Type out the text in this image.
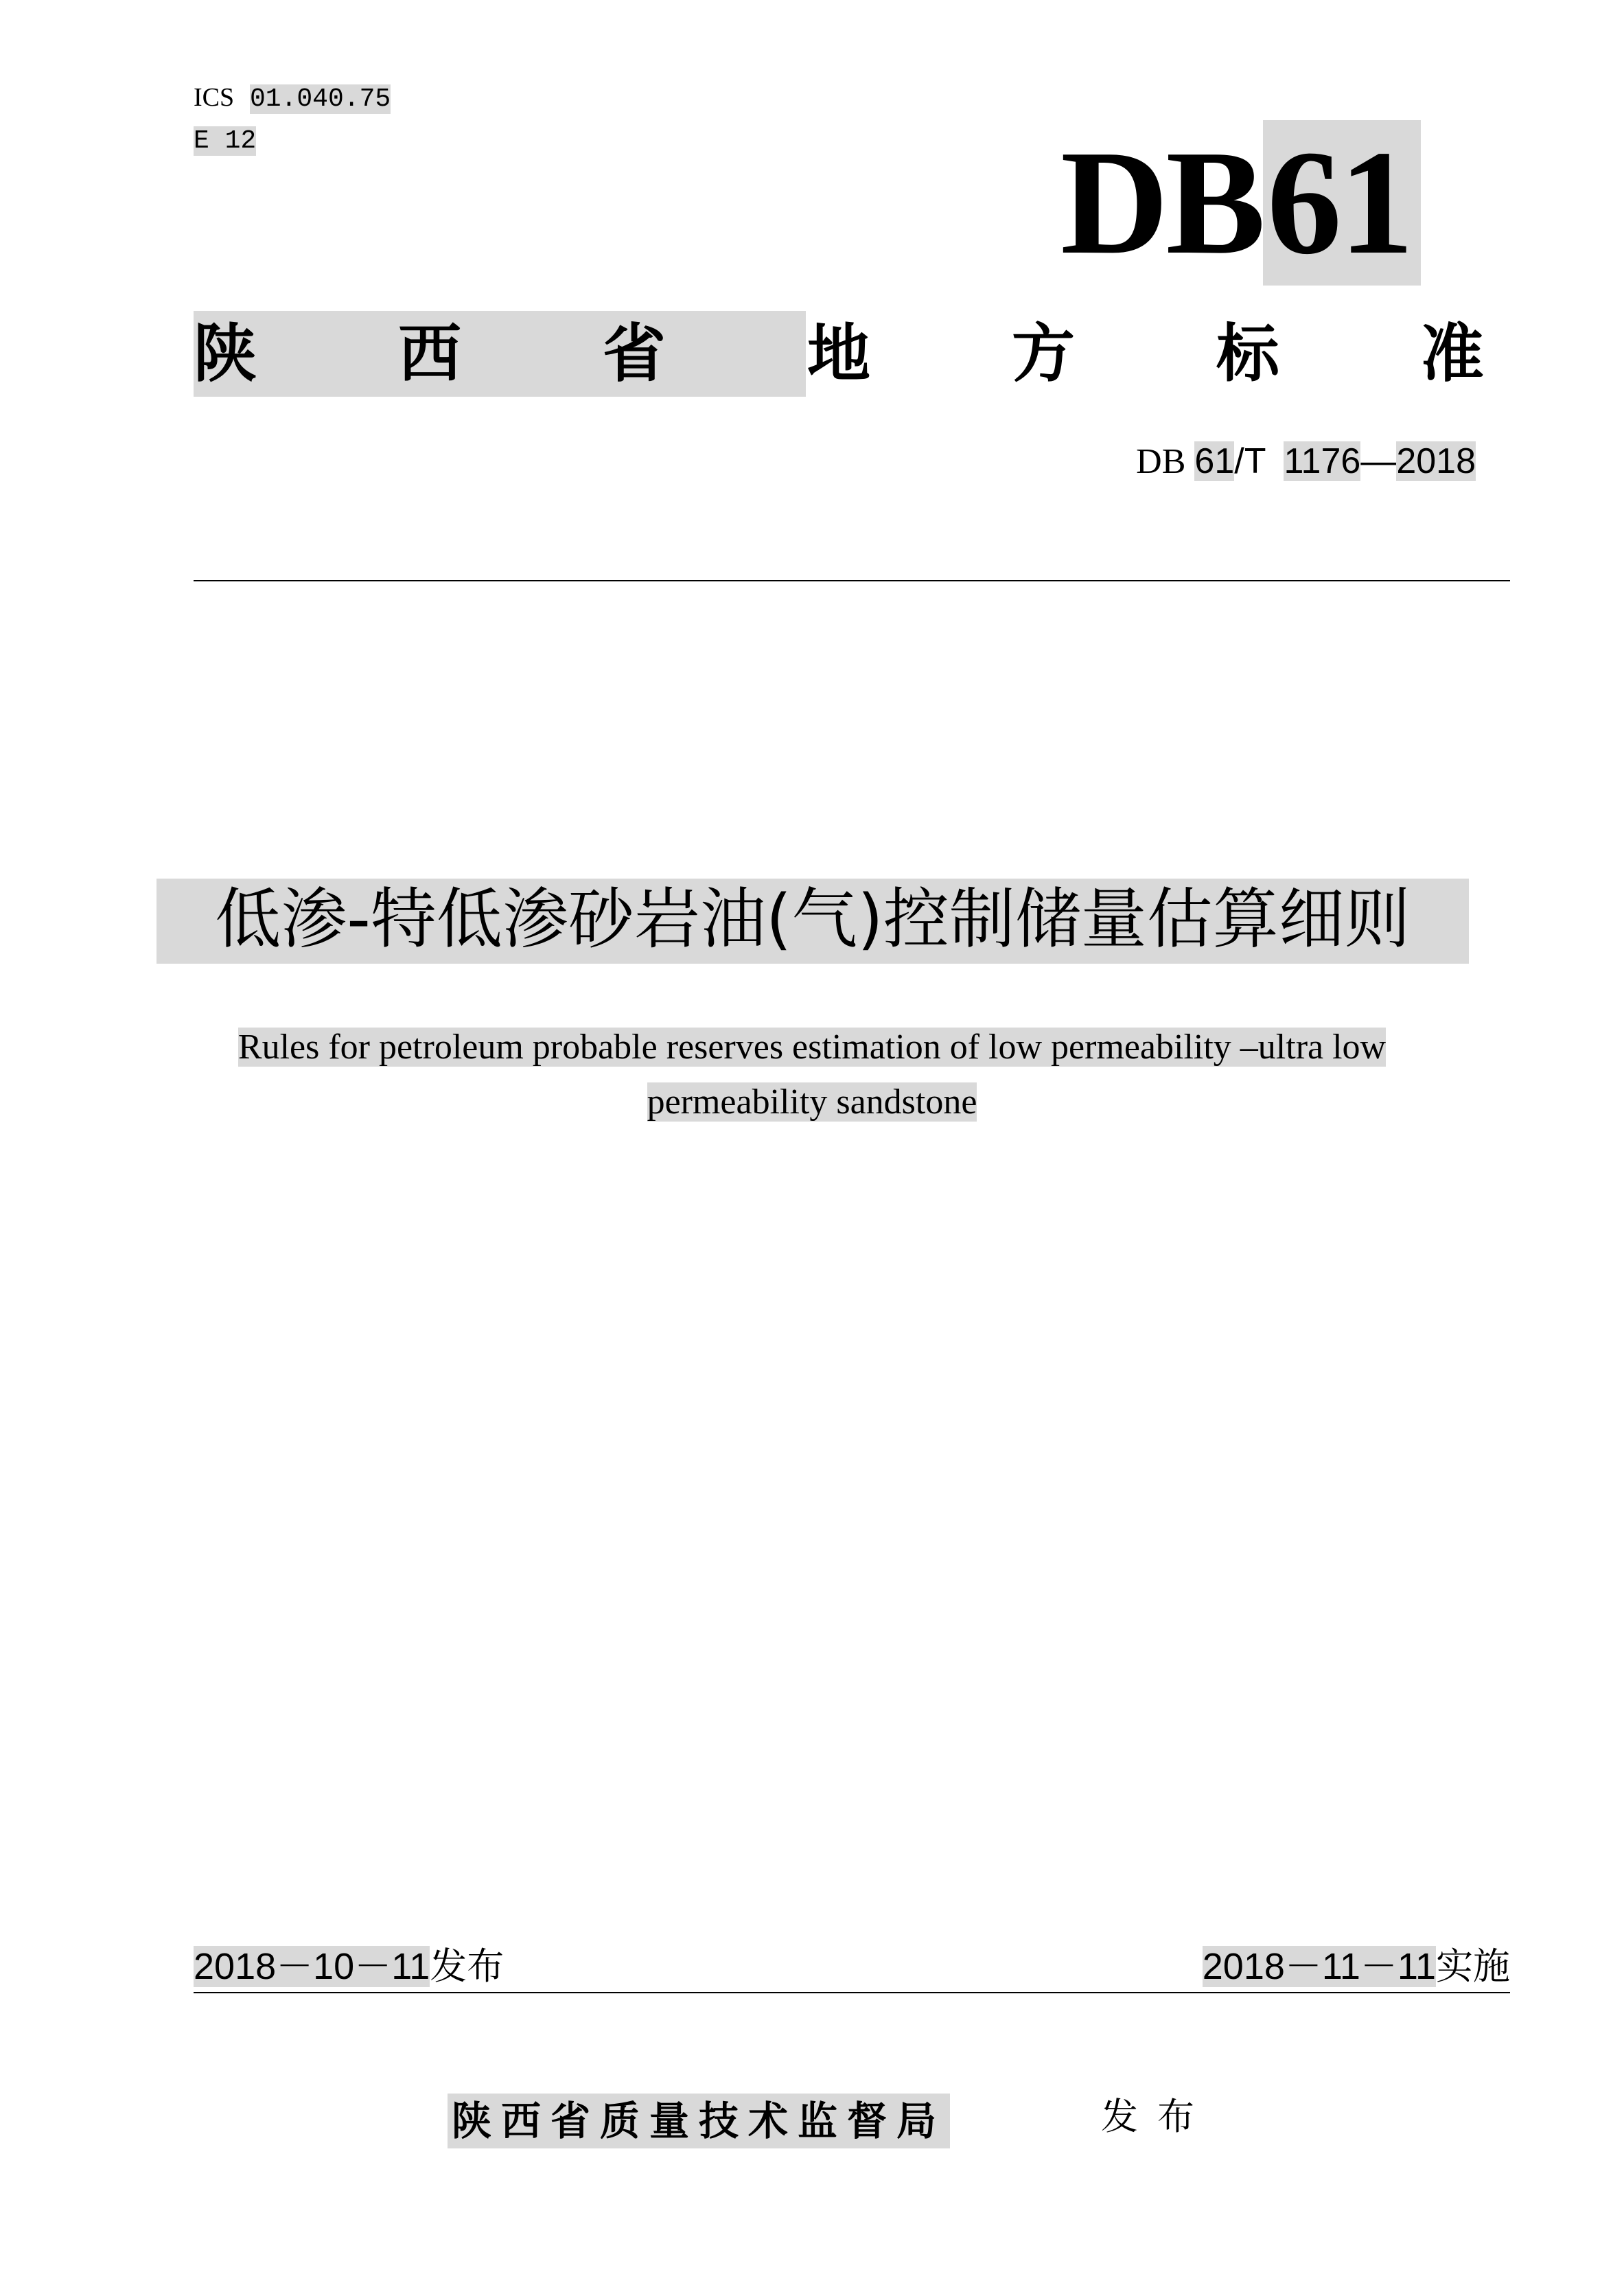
ICS 01.040.75
E 12	DB61
陕 西 省 地 方 标 准
DB 61/T 1176—2018
低渗-特低渗砂岩油(气)控制储量估算细则
Rules for petroleum probable reserves estimation of low permeability –ultra low
permeability sandstone
2018－10－11发布	2018－11－11实施
陕西省质量技术监督局	发布
